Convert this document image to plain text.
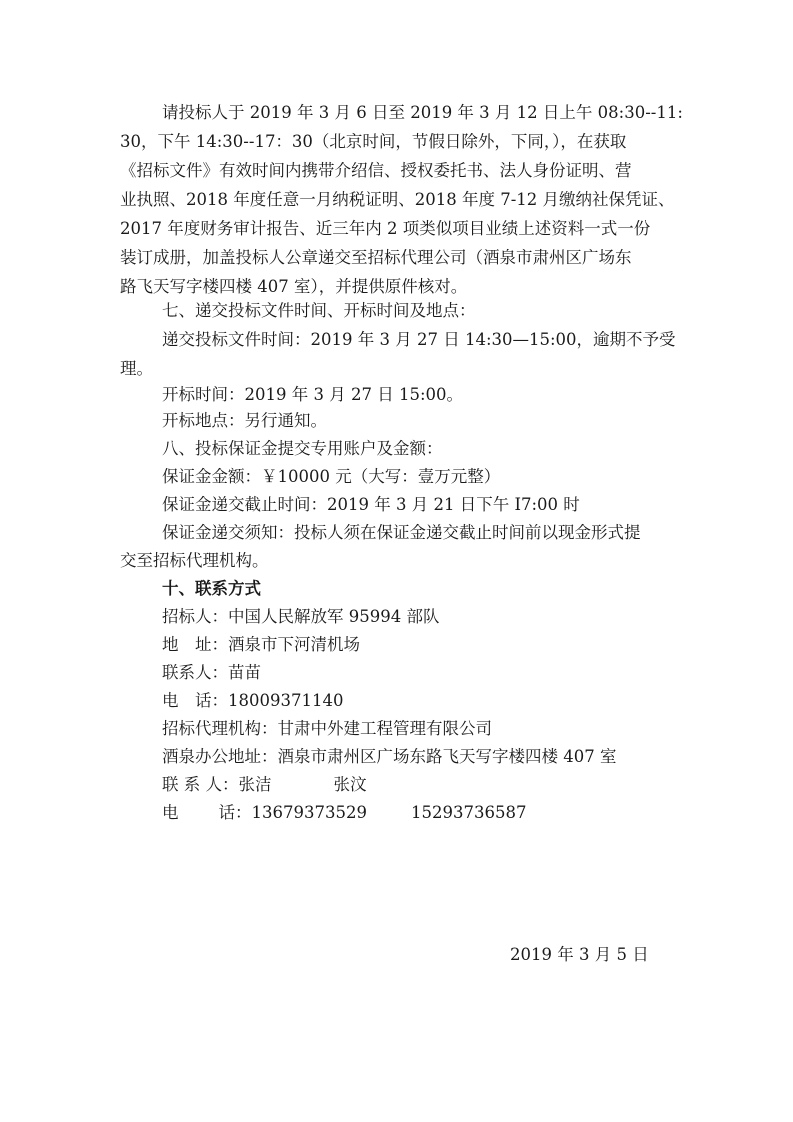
请投标人于 2019 年 3 月 6 日至 2019 年 3 月 12 日上午 08:30--11:
30，下午 14:30--17：30（北京时间，节假日除外，下同，），在获取
《招标文件》有效时间内携带介绍信、授权委托书、法人身份证明、营
业执照、2018 年度任意一月纳税证明、2018 年度 7-12 月缴纳社保凭证、
2017 年度财务审计报告、近三年内 2 项类似项目业绩上述资料一式一份
装订成册，加盖投标人公章递交至招标代理公司（酒泉市肃州区广场东
路飞天写字楼四楼 407 室），并提供原件核对。
七、递交投标文件时间、开标时间及地点：
递交投标文件时间：2019 年 3 月 27 日 14:30—15:00，逾期不予受
理。
开标时间：2019 年 3 月 27 日 15:00。
开标地点：另行通知。
八、投标保证金提交专用账户及金额：
保证金金额：￥10000 元（大写：壹万元整）
保证金递交截止时间：2019 年 3 月 21 日下午 I7:00 时
保证金递交须知：投标人须在保证金递交截止时间前以现金形式提
交至招标代理机构。
十、联系方式
招标人：中国人民解放军 95994 部队
地　址：酒泉市下河清机场
联系人：苗苗
电　话：18009371140
招标代理机构：甘肃中外建工程管理有限公司
酒泉办公地址：酒泉市肃州区广场东路飞天写字楼四楼 407 室
联 系 人：张洁	张汶
电 话：13679373529	15293736587
2019 年 3 月 5 日
